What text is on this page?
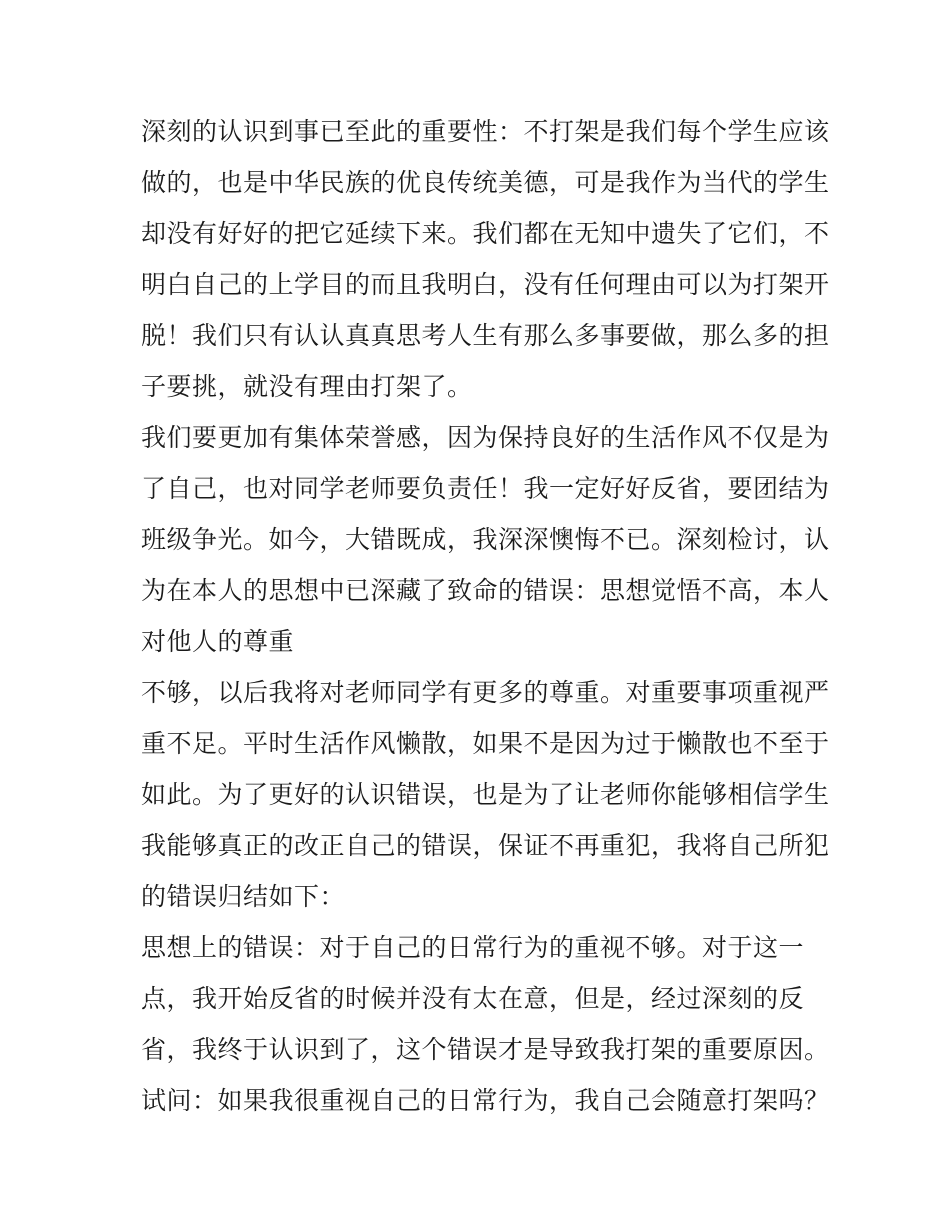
深刻的认识到事已至此的重要性：不打架是我们每个学生应该
做的，也是中华民族的优良传统美德，可是我作为当代的学生
却没有好好的把它延续下来。我们都在无知中遗失了它们，不
明白自己的上学目的而且我明白，没有任何理由可以为打架开
脱！我们只有认认真真思考人生有那么多事要做，那么多的担
子要挑，就没有理由打架了。
我们要更加有集体荣誉感，因为保持良好的生活作风不仅是为
了自己，也对同学老师要负责任！我一定好好反省，要团结为
班级争光。如今，大错既成，我深深懊悔不已。深刻检讨，认
为在本人的思想中已深藏了致命的错误：思想觉悟不高，本人
对他人的尊重
不够，以后我将对老师同学有更多的尊重。对重要事项重视严
重不足。平时生活作风懒散，如果不是因为过于懒散也不至于
如此。为了更好的认识错误，也是为了让老师你能够相信学生
我能够真正的改正自己的错误，保证不再重犯，我将自己所犯
的错误归结如下：
思想上的错误：对于自己的日常行为的重视不够。对于这一
点，我开始反省的时候并没有太在意，但是，经过深刻的反
省，我终于认识到了，这个错误才是导致我打架的重要原因。
试问：如果我很重视自己的日常行为，我自己会随意打架吗？
